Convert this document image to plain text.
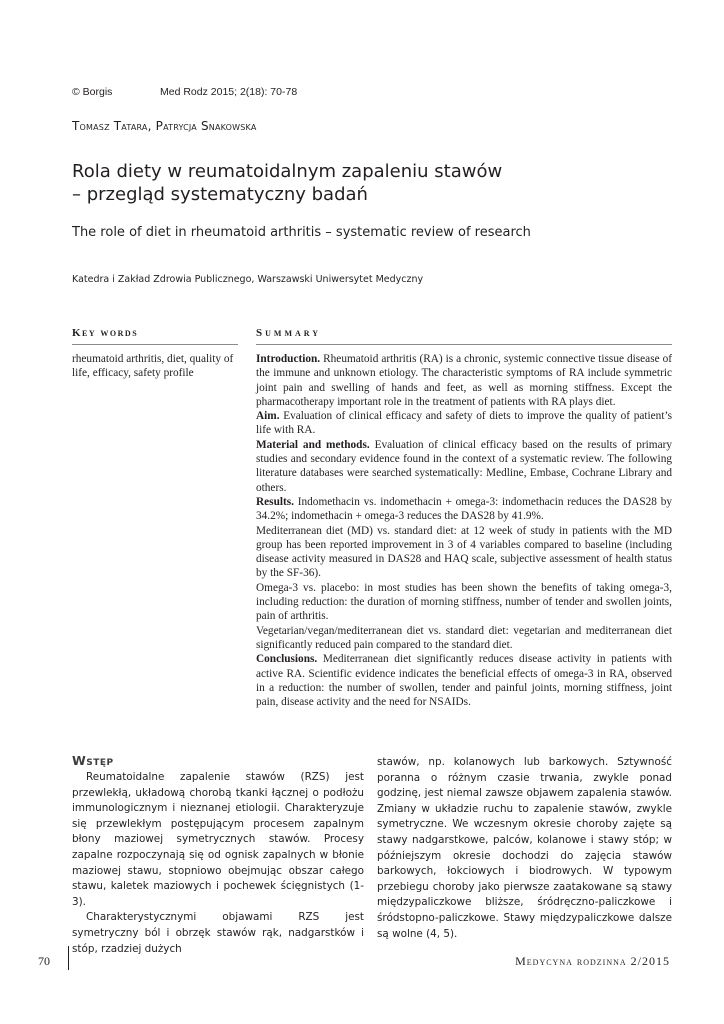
© Borgis	Med Rodz 2015; 2(18): 70-78
Tomasz Tatara, Patrycja Snakowska
Rola diety w reumatoidalnym zapaleniu stawów
– przegląd systematyczny badań
The role of diet in rheumatoid arthritis – systematic review of research
Katedra i Zakład Zdrowia Publicznego, Warszawski Uniwersytet Medyczny
Key words
rheumatoid arthritis, diet, quality of life, efficacy, safety profile
Summary

Introduction. Rheumatoid arthritis (RA) is a chronic, systemic connective tissue disease of the immune and unknown etiology. The characteristic symptoms of RA include symmetric joint pain and swelling of hands and feet, as well as morning stiffness. Except the pharmacotherapy important role in the treatment of patients with RA plays diet.

Aim. Evaluation of clinical efficacy and safety of diets to improve the quality of patient’s life with RA.

Material and methods. Evaluation of clinical efficacy based on the results of primary studies and secondary evidence found in the context of a systematic review. The following literature databases were searched systematically: Medline, Embase, Cochrane Library and others.

Results. Indomethacin vs. indomethacin + omega-3: indomethacin reduces the DAS28 by 34.2%; indomethacin + omega-3 reduces the DAS28 by 41.9%.

Mediterranean diet (MD) vs. standard diet: at 12 week of study in patients with the MD group has been reported improvement in 3 of 4 variables compared to baseline (including disease activity measured in DAS28 and HAQ scale, subjective assessment of health status by the SF-36).

Omega-3 vs. placebo: in most studies has been shown the benefits of taking omega-3, including reduction: the duration of morning stiffness, number of tender and swollen joints, pain of arthritis.

Vegetarian/vegan/mediterranean diet vs. standard diet: vegetarian and mediterranean diet significantly reduced pain compared to the standard diet.

Conclusions. Mediterranean diet significantly reduces disease activity in patients with active RA. Scientific evidence indicates the beneficial effects of omega-3 in RA, observed in a reduction: the number of swollen, tender and painful joints, morning stiffness, joint pain, disease activity and the need for NSAIDs.

Wstęp

Reumatoidalne zapalenie stawów (RZS) jest przewlekłą, układową chorobą tkanki łącznej o podłożu immunologicznym i nieznanej etiologii. Charakteryzuje się przewlekłym postępującym procesem zapalnym błony maziowej symetrycznych stawów. Procesy zapalne rozpoczynają się od ognisk zapalnych w błonie maziowej stawu, stopniowo obejmując obszar całego stawu, kaletek maziowych i pochewek ścięgnistych (1-3).

Charakterystycznymi objawami RZS jest symetryczny ból i obrzęk stawów rąk, nadgarstków i stóp, rzadziej dużych

stawów, np. kolanowych lub barkowych. Sztywność poranna o różnym czasie trwania, zwykle ponad godzinę, jest niemal zawsze objawem zapalenia stawów. Zmiany w układzie ruchu to zapalenie stawów, zwykle symetryczne. We wczesnym okresie choroby zajęte są stawy nadgarstkowe, palców, kolanowe i stawy stóp; w późniejszym okresie dochodzi do zajęcia stawów barkowych, łokciowych i biodrowych. W typowym przebiegu choroby jako pierwsze zaatakowane są stawy międzypaliczkowe bliższe, śródręczno-paliczkowe i śródstopno-paliczkowe. Stawy międzypaliczkowe dalsze są wolne (4, 5).

70	Medycyna rodzinna 2/2015
